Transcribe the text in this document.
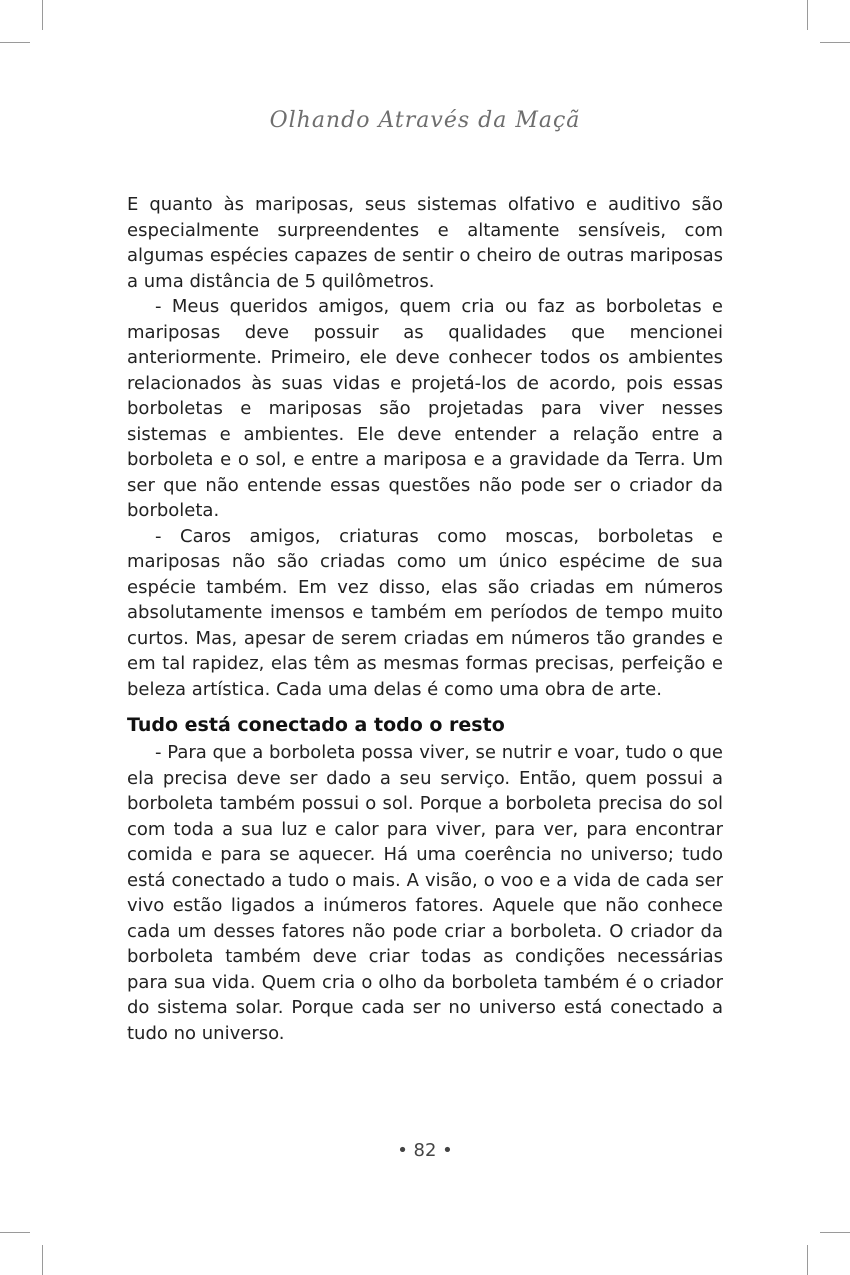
Olhando Através da Maçã

E quanto às mariposas, seus sistemas olfativo e auditivo são especialmente surpreendentes e altamente sensíveis, com algumas espécies capazes de sentir o cheiro de outras mariposas a uma distância de 5 quilômetros.

- Meus queridos amigos, quem cria ou faz as borboletas e mariposas deve possuir as qualidades que mencionei anteriormente. Primeiro, ele deve conhecer todos os ambientes relacionados às suas vidas e projetá-los de acordo, pois essas borboletas e mariposas são projetadas para viver nesses sistemas e ambientes. Ele deve entender a relação entre a borboleta e o sol, e entre a mariposa e a gravidade da Terra. Um ser que não entende essas questões não pode ser o criador da borboleta.

- Caros amigos, criaturas como moscas, borboletas e mariposas não são criadas como um único espécime de sua espécie também. Em vez disso, elas são criadas em números absolutamente imensos e também em períodos de tempo muito curtos. Mas, apesar de serem criadas em números tão grandes e em tal rapidez, elas têm as mesmas formas precisas, perfeição e beleza artística. Cada uma delas é como uma obra de arte.

Tudo está conectado a todo o resto

- Para que a borboleta possa viver, se nutrir e voar, tudo o que ela precisa deve ser dado a seu serviço. Então, quem possui a borboleta também possui o sol. Porque a borboleta precisa do sol com toda a sua luz e calor para viver, para ver, para encontrar comida e para se aquecer. Há uma coerência no universo; tudo está conectado a tudo o mais. A visão, o voo e a vida de cada ser vivo estão ligados a inúmeros fatores. Aquele que não conhece cada um desses fatores não pode criar a borboleta. O criador da borboleta também deve criar todas as condições necessárias para sua vida. Quem cria o olho da borboleta também é o criador do sistema solar. Porque cada ser no universo está conectado a tudo no universo.

• 82 •
